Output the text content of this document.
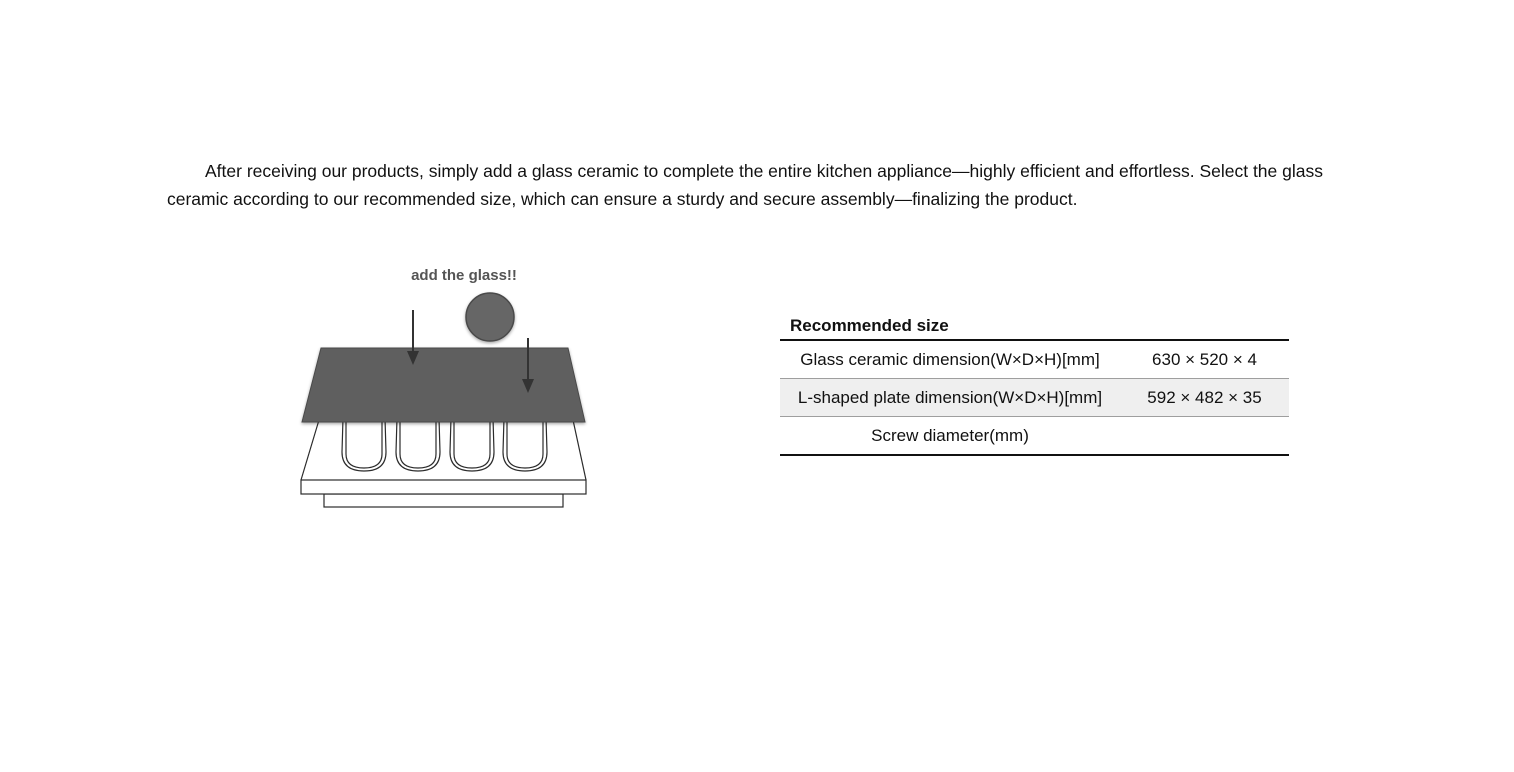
After receiving our products, simply add a glass ceramic to complete the entire kitchen appliance—highly efficient and effortless. Select the glass ceramic according to our recommended size, which can ensure a sturdy and secure assembly—finalizing the product.

add the glass!!
Recommended size
Glass ceramic dimension(W×D×H)[mm]	630 × 520 × 4
L-shaped plate dimension(W×D×H)[mm]	592 × 482 × 35
Screw diameter(mm)	
